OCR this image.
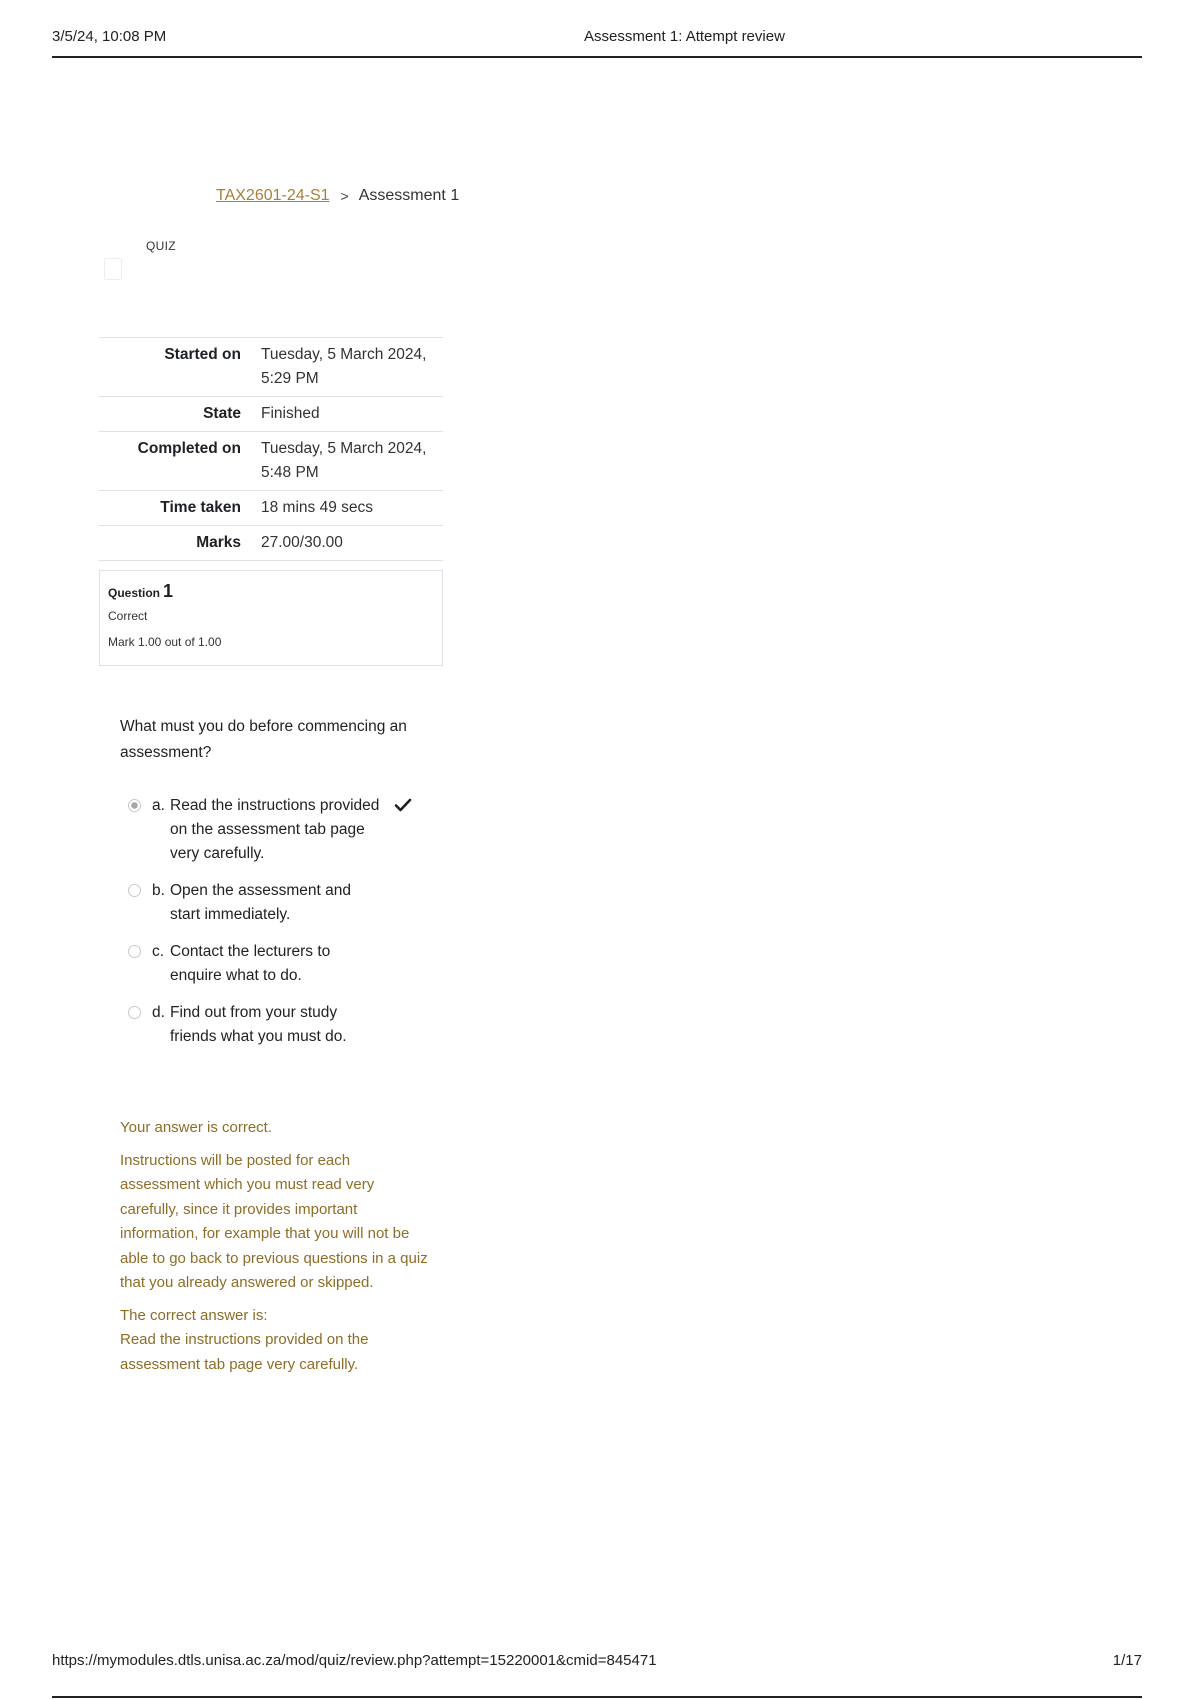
3/5/24, 10:08 PM	Assessment 1: Attempt review
TAX2601-24-S1 > Assessment 1
QUIZ
Started on	Tuesday, 5 March 2024, 5:29 PM
State	Finished
Completed on	Tuesday, 5 March 2024, 5:48 PM
Time taken	18 mins 49 secs
Marks	27.00/30.00

Question 1
Correct
Mark 1.00 out of 1.00
What must you do before commencing an assessment?
a. Read the instructions provided on the assessment tab page very carefully.
b. Open the assessment and start immediately.
c. Contact the lecturers to enquire what to do.
d. Find out from your study friends what you must do.
Your answer is correct.
Instructions will be posted for each assessment which you must read very carefully, since it provides important information, for example that you will not be able to go back to previous questions in a quiz that you already answered or skipped.
The correct answer is:
Read the instructions provided on the assessment tab page very carefully.
https://mymodules.dtls.unisa.ac.za/mod/quiz/review.php?attempt=15220001&cmid=845471	1/17
